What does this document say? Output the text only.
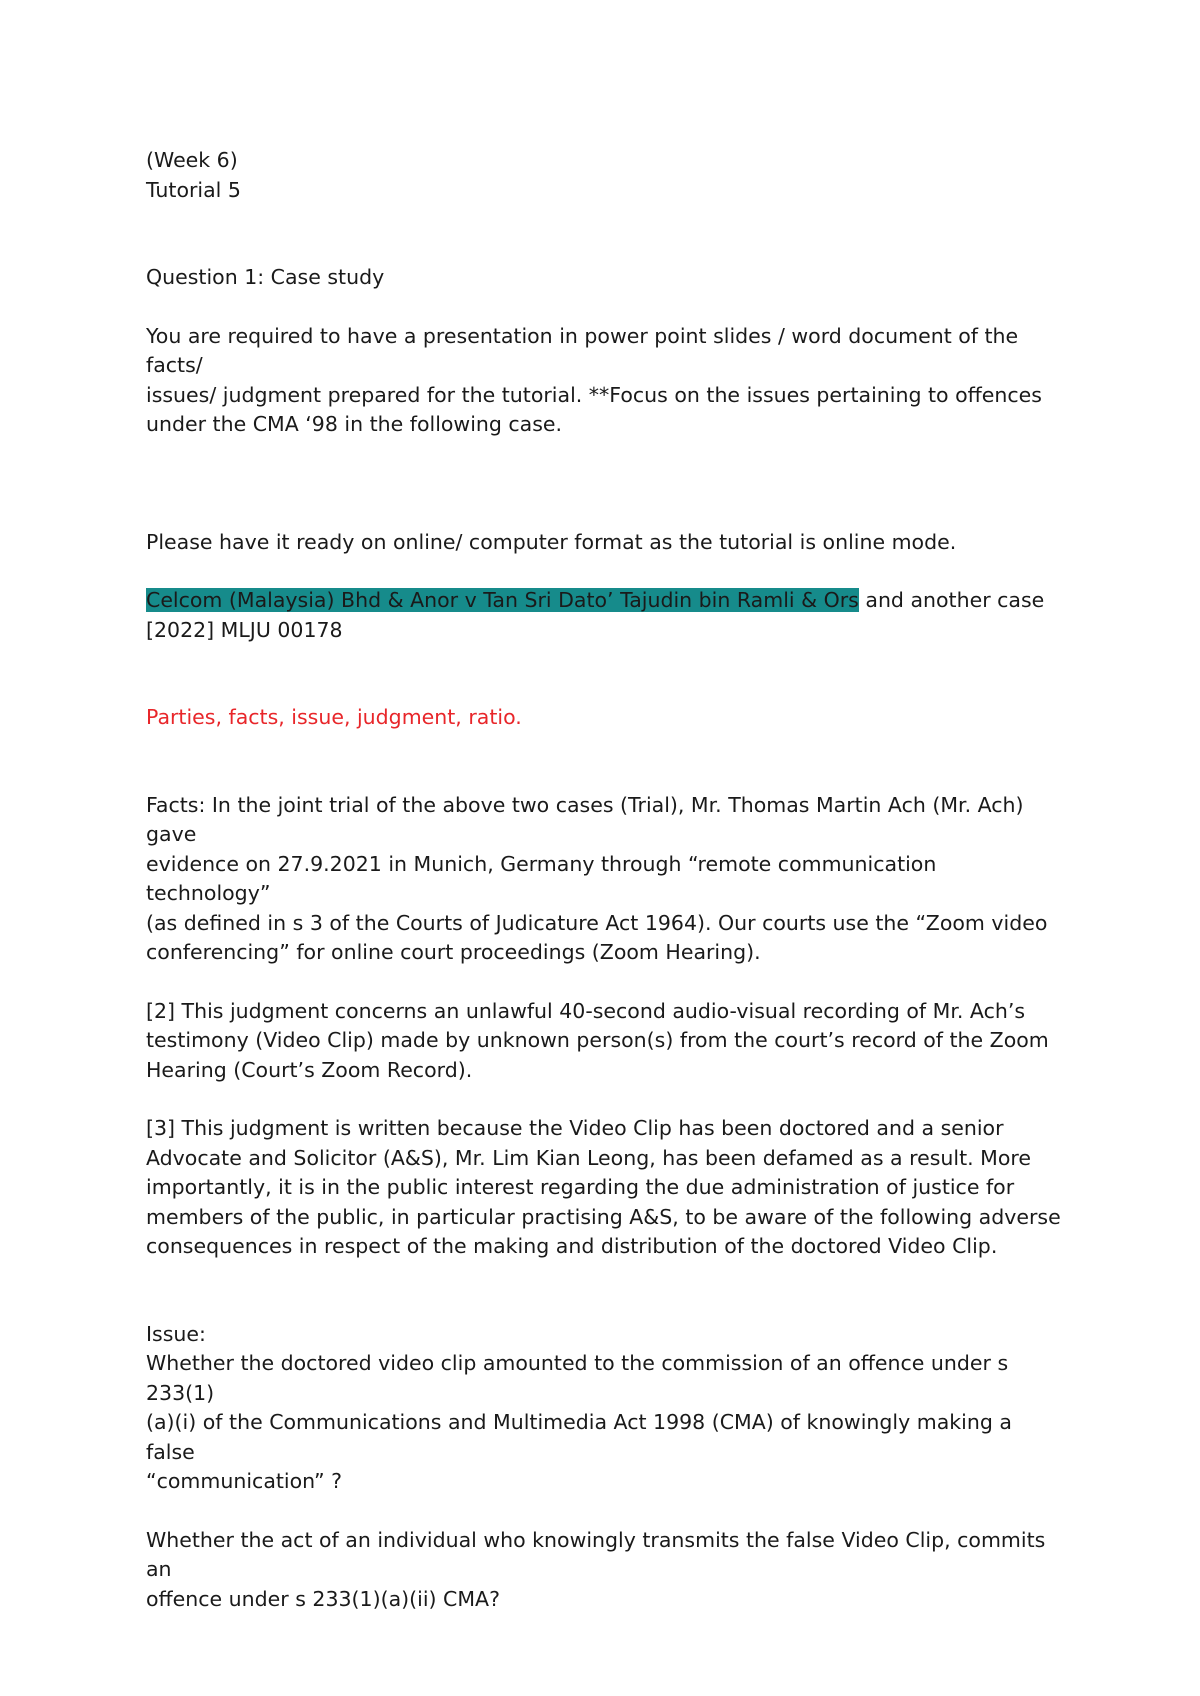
(Week 6)

Tutorial 5

Question 1: Case study

You are required to have a presentation in power point slides / word document of the facts/

issues/ judgment prepared for the tutorial. **Focus on the issues pertaining to offences

under the CMA ‘98 in the following case.

Please have it ready on online/ computer format as the tutorial is online mode.

Celcom (Malaysia) Bhd & Anor v Tan Sri Dato’ Tajudin bin Ramli & Ors and another case

[2022] MLJU 00178

Parties, facts, issue, judgment, ratio.

Facts: In the joint trial of the above two cases (Trial), Mr. Thomas Martin Ach (Mr. Ach) gave

evidence on 27.9.2021 in Munich, Germany through “remote communication technology”

(as defined in s 3 of the Courts of Judicature Act 1964). Our courts use the “Zoom video

conferencing” for online court proceedings (Zoom Hearing).

[2] This judgment concerns an unlawful 40-second audio-visual recording of Mr. Ach’s

testimony (Video Clip) made by unknown person(s) from the court’s record of the Zoom

Hearing (Court’s Zoom Record).

[3] This judgment is written because the Video Clip has been doctored and a senior

Advocate and Solicitor (A&S), Mr. Lim Kian Leong, has been defamed as a result. More

importantly, it is in the public interest regarding the due administration of justice for

members of the public, in particular practising A&S, to be aware of the following adverse

consequences in respect of the making and distribution of the doctored Video Clip.

Issue:

Whether the doctored video clip amounted to the commission of an offence under s 233(1)

(a)(i) of the Communications and Multimedia Act 1998 (CMA) of knowingly making a false

“communication” ?

Whether the act of an individual who knowingly transmits the false Video Clip, commits an

offence under s 233(1)(a)(ii) CMA?
